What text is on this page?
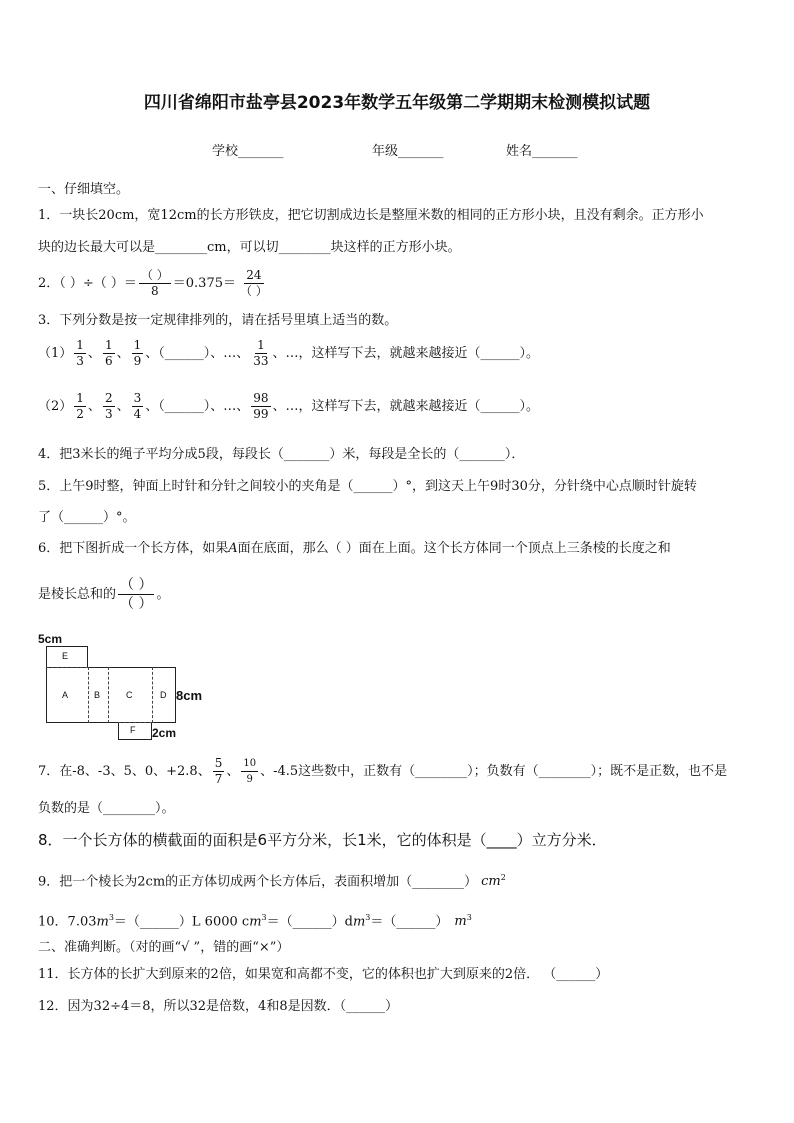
四川省绵阳市盐亭县2023年数学五年级第二学期期末检测模拟试题
学校_______	年级_______	姓名_______
一、仔细填空。
1．一块长20cm，宽12cm的长方形铁皮，把它切割成边长是整厘米数的相同的正方形小块，且没有剩余。正方形小
块的边长最大可以是________cm，可以切________块这样的正方形小块。
2．（ ）÷（ ）＝ $\frac{( )}{8} =0.375= \frac{24}{( )}$
3．下列分数是按一定规律排列的，请在括号里填上适当的数。
$(1) \frac{1}{3}$ 、 $\frac{1}{6}$ 、 $\frac{1}{9}$ 、（______）、…、 $\frac{1}{33}$ 、…，这样写下去，就越来越接近（______）。
$(2) \frac{1}{2}$ 、 $\frac{2}{3}$ 、 $\frac{3}{4}$ 、（______）、…、 $\frac{98}{99}$ 、…，这样写下去，就越来越接近（______）。
4．把3米长的绳子平均分成5段，每段长（_______）米，每段是全长的（_______）．
5．上午9时整，钟面上时针和分针之间较小的夹角是（______）°，到这天上午9时30分，分针绕中心点顺时针旋转
了（______）°。
6．把下图折成一个长方体，如果A面在底面，那么（ ）面在上面。这个长方体同一个顶点上三条棱的长度之和
是棱长总和的 $\frac{( )}{( )}$ 。
5cm
8cm
2cm
E
A	B	C	D
F
7．在-8、-3、5、0、+2.8、 $\frac{5}{7}$ 、 $\frac{10}{9}$ 、-4.5这些数中，正数有（________）；负数有（________）；既不是正数，也不是
负数的是（________）。
8．一个长方体的横截面的面积是6平方分米，长1米，它的体积是（____）立方分米．
9．把一个棱长为2cm的正方体切成两个长方体后，表面积增加（________） $cm^2$
10．$7.03m^3=(\_\_\_\_\_\_)L$ 6000 $cm^3=(\_\_\_\_\_\_)dm^3=(\_\_\_\_\_\_)$ $m^3$
二、准确判断。（对的画“√ ”，错的画“×”）
11．长方体的长扩大到原来的2倍，如果宽和高都不变，它的体积也扩大到原来的2倍． （______）
12．因为32÷4＝8，所以32是倍数，4和8是因数．（______）
